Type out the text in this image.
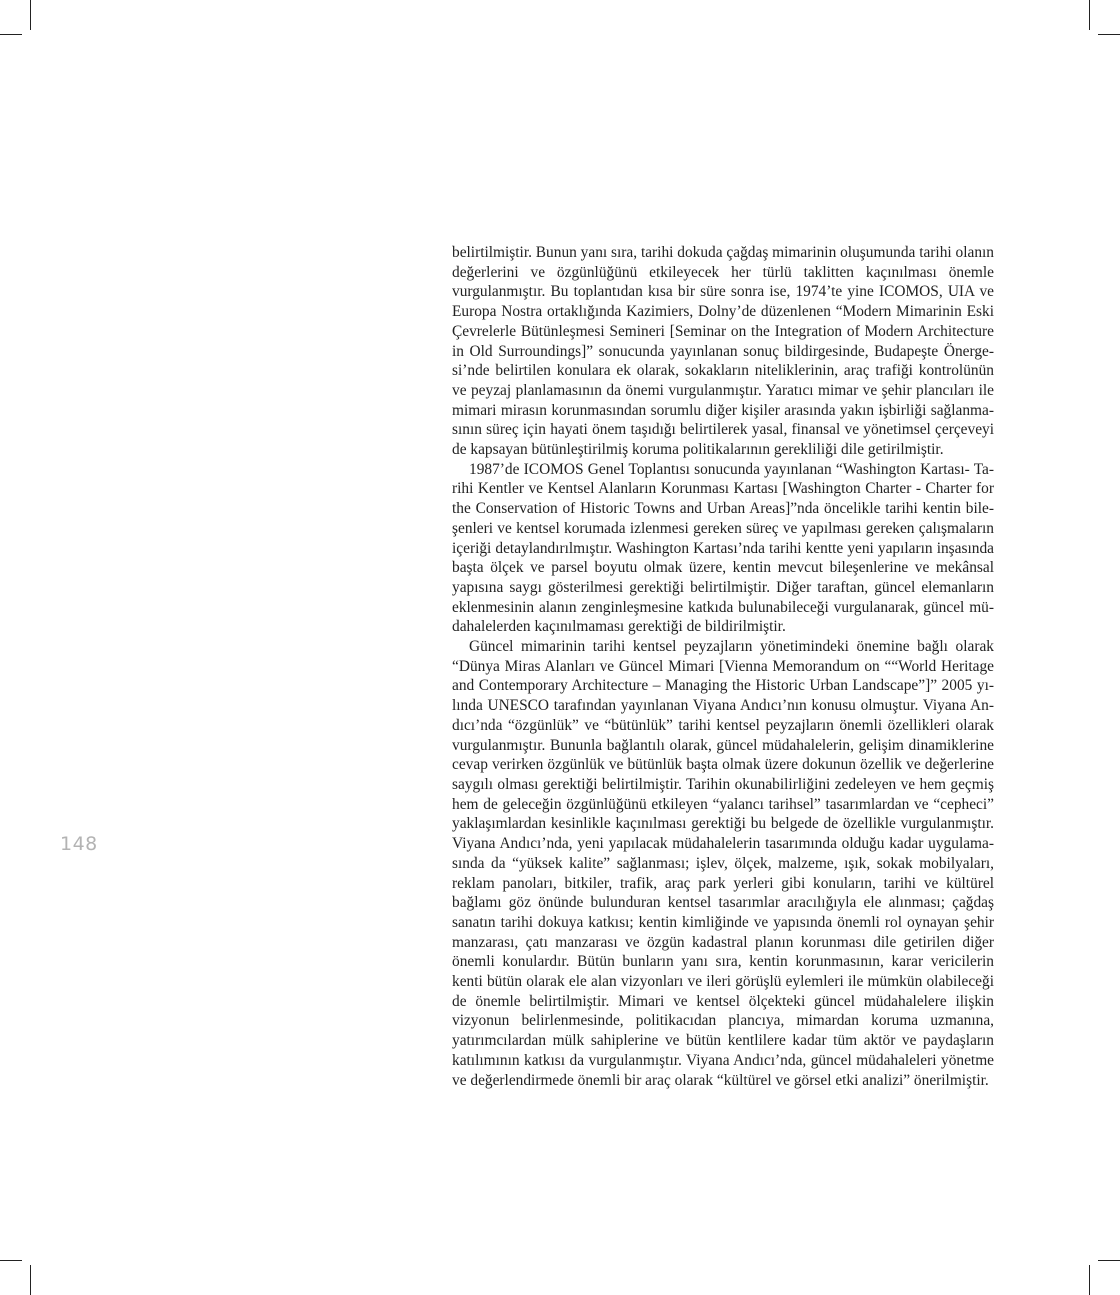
148

belirtilmiştir. Bunun yanı sıra, tarihi dokuda çağdaş mimarinin oluşumunda tarihi olanın değerlerini ve özgünlüğünü etkileyecek her türlü taklitten kaçınılması önemle vurgulanmıştır. Bu toplantıdan kısa bir süre sonra ise, 1974’te yine ICOMOS, UIA ve Europa Nostra ortaklığında Kazimiers, Dolny’de düzenlenen “Modern Mimarinin Eski Çevrelerle Bütünleşmesi Semineri [Seminar on the Integration of Modern Architecture in Old Surroundings]” sonucunda yayınlanan sonuç bildirgesinde, Budapeşte Önergesi’nde belirtilen konulara ek olarak, sokakların niteliklerinin, araç trafiği kontrolünün ve peyzaj planlamasının da önemi vurgulanmıştır. Yaratıcı mimar ve şehir plancıları ile mimari mirasın korunmasından sorumlu diğer kişiler arasında yakın işbirliği sağlanmasının süreç için hayati önem taşıdığı belirtilerek yasal, finansal ve yönetimsel çerçeveyi de kapsayan bütünleştirilmiş koruma politikalarının gerekliliği dile getirilmiştir.

1987’de ICOMOS Genel Toplantısı sonucunda yayınlanan “Washington Kartası- Tarihi Kentler ve Kentsel Alanların Korunması Kartası [Washington Charter - Charter for the Conservation of Historic Towns and Urban Areas]”nda öncelikle tarihi kentin bileşenleri ve kentsel korumada izlenmesi gereken süreç ve yapılması gereken çalışmaların içeriği detaylandırılmıştır. Washington Kartası’nda tarihi kentte yeni yapıların inşasında başta ölçek ve parsel boyutu olmak üzere, kentin mevcut bileşenlerine ve mekânsal yapısına saygı gösterilmesi gerektiği belirtilmiştir. Diğer taraftan, güncel elemanların eklenmesinin alanın zenginleşmesine katkıda bulunabileceği vurgulanarak, güncel müdahalelerden kaçınılmaması gerektiği de bildirilmiştir.

Güncel mimarinin tarihi kentsel peyzajların yönetimindeki önemine bağlı olarak “Dünya Miras Alanları ve Güncel Mimari [Vienna Memorandum on ““World Heritage and Contemporary Architecture – Managing the Historic Urban Landscape”]” 2005 yılında UNESCO tarafından yayınlanan Viyana Andıcı’nın konusu olmuştur. Viyana Andıcı’nda “özgünlük” ve “bütünlük” tarihi kentsel peyzajların önemli özellikleri olarak vurgulanmıştır. Bununla bağlantılı olarak, güncel müdahalelerin, gelişim dinamiklerine cevap verirken özgünlük ve bütünlük başta olmak üzere dokunun özellik ve değerlerine saygılı olması gerektiği belirtilmiştir. Tarihin okunabilirliğini zedeleyen ve hem geçmiş hem de geleceğin özgünlüğünü etkileyen “yalancı tarihsel” tasarımlardan ve “cepheci” yaklaşımlardan kesinlikle kaçınılması gerektiği bu belgede de özellikle vurgulanmıştır. Viyana Andıcı’nda, yeni yapılacak müdahalelerin tasarımında olduğu kadar uygulamasında da “yüksek kalite” sağlanması; işlev, ölçek, malzeme, ışık, sokak mobilyaları, reklam panoları, bitkiler, trafik, araç park yerleri gibi konuların, tarihi ve kültürel bağlamı göz önünde bulunduran kentsel tasarımlar aracılığıyla ele alınması; çağdaş sanatın tarihi dokuya katkısı; kentin kimliğinde ve yapısında önemli rol oynayan şehir manzarası, çatı manzarası ve özgün kadastral planın korunması dile getirilen diğer önemli konulardır. Bütün bunların yanı sıra, kentin korunmasının, karar vericilerin kenti bütün olarak ele alan vizyonları ve ileri görüşlü eylemleri ile mümkün olabileceği de önemle belirtilmiştir. Mimari ve kentsel ölçekteki güncel müdahalelere ilişkin vizyonun belirlenmesinde, politikacıdan plancıya, mimardan koruma uzmanına, yatırımcılardan mülk sahiplerine ve bütün kentlilere kadar tüm aktör ve paydaşların katılımının katkısı da vurgulanmıştır. Viyana Andıcı’nda, güncel müdahaleleri yönetme ve değerlendirmede önemli bir araç olarak “kültürel ve görsel etki analizi” önerilmiştir.
